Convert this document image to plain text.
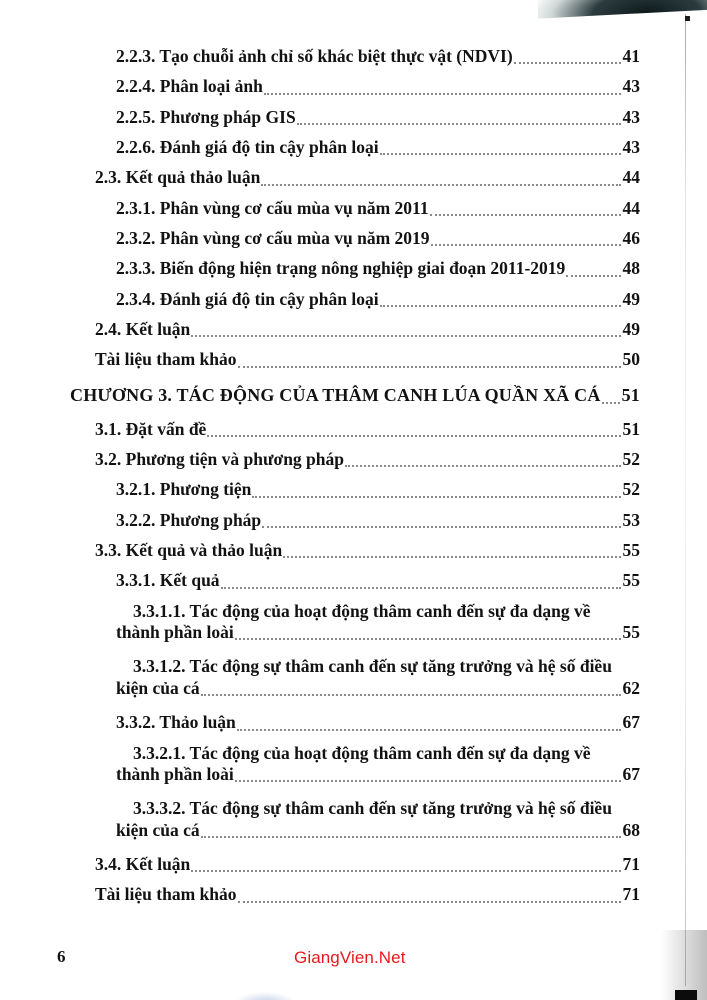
2.2.3. Tạo chuỗi ảnh chỉ số khác biệt thực vật (NDVI)	41
2.2.4. Phân loại ảnh	43
2.2.5. Phương pháp GIS	43
2.2.6. Đánh giá độ tin cậy phân loại	43
2.3. Kết quả thảo luận	44
2.3.1. Phân vùng cơ cấu mùa vụ năm 2011	44
2.3.2. Phân vùng cơ cấu mùa vụ năm 2019	46
2.3.3. Biến động hiện trạng nông nghiệp giai đoạn 2011-2019	48
2.3.4. Đánh giá độ tin cậy phân loại	49
2.4. Kết luận	49
Tài liệu tham khảo	50
CHƯƠNG 3. TÁC ĐỘNG CỦA THÂM CANH LÚA QUẦN XÃ CÁ 51
3.1. Đặt vấn đề	51
3.2. Phương tiện và phương pháp	52
3.2.1. Phương tiện	52
3.2.2. Phương pháp	53
3.3. Kết quả và thảo luận	55
3.3.1. Kết quả	55
3.3.1.1. Tác động của hoạt động thâm canh đến sự đa dạng về
thành phần loài	55
3.3.1.2. Tác động sự thâm canh đến sự tăng trưởng và hệ số điều
kiện của cá	62
3.3.2. Thảo luận	67
3.3.2.1. Tác động của hoạt động thâm canh đến sự đa dạng về
thành phần loài	67
3.3.3.2. Tác động sự thâm canh đến sự tăng trưởng và hệ số điều
kiện của cá	68
3.4. Kết luận	71
Tài liệu tham khảo	71
6	GiangVien.Net
